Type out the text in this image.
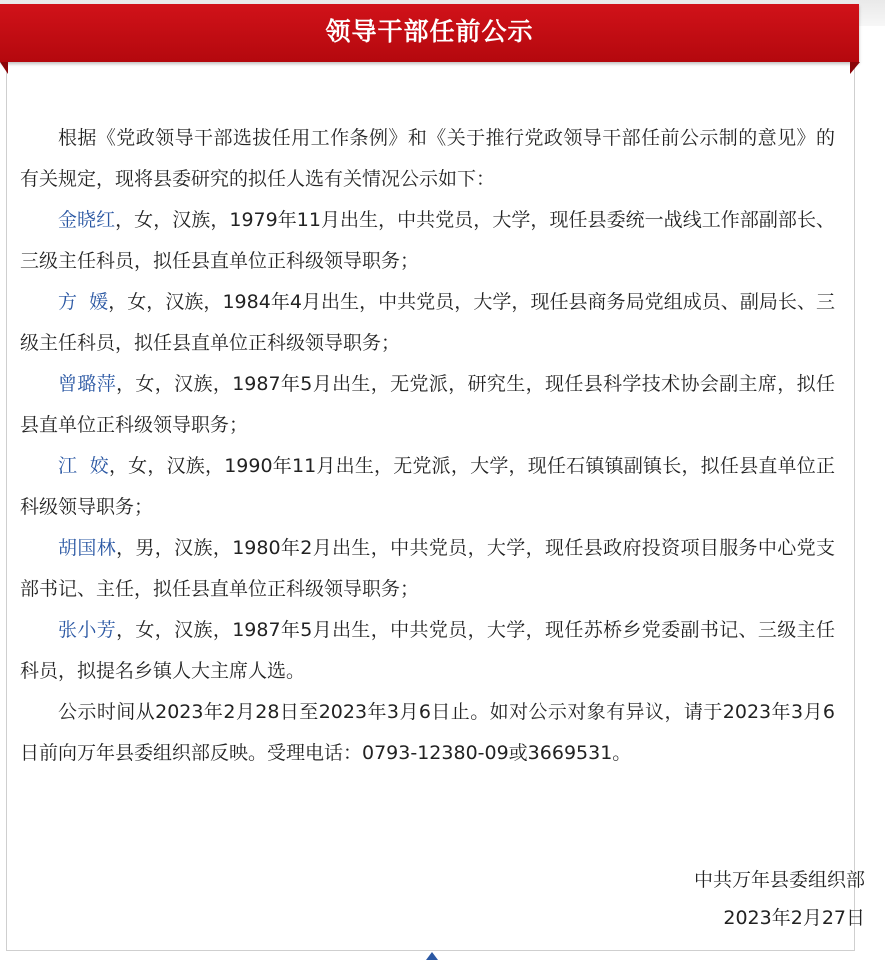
领导干部任前公示

根据《党政领导干部选拔任用工作条例》和《关于推行党政领导干部任前公示制的意见》的有关规定，现将县委研究的拟任人选有关情况公示如下：

金晓红，女，汉族，1979年11月出生，中共党员，大学，现任县委统一战线工作部副部长、三级主任科员，拟任县直单位正科级领导职务；

方  媛，女，汉族，1984年4月出生，中共党员，大学，现任县商务局党组成员、副局长、三级主任科员，拟任县直单位正科级领导职务；

曾璐萍，女，汉族，1987年5月出生，无党派，研究生，现任县科学技术协会副主席，拟任县直单位正科级领导职务；

江  姣，女，汉族，1990年11月出生，无党派，大学，现任石镇镇副镇长，拟任县直单位正科级领导职务；

胡国林，男，汉族，1980年2月出生，中共党员，大学，现任县政府投资项目服务中心党支部书记、主任，拟任县直单位正科级领导职务；

张小芳，女，汉族，1987年5月出生，中共党员，大学，现任苏桥乡党委副书记、三级主任科员，拟提名乡镇人大主席人选。

公示时间从2023年2月28日至2023年3月6日止。如对公示对象有异议，请于2023年3月6日前向万年县委组织部反映。受理电话：0793-12380-09或3669531。

中共万年县委组织部
2023年2月27日
